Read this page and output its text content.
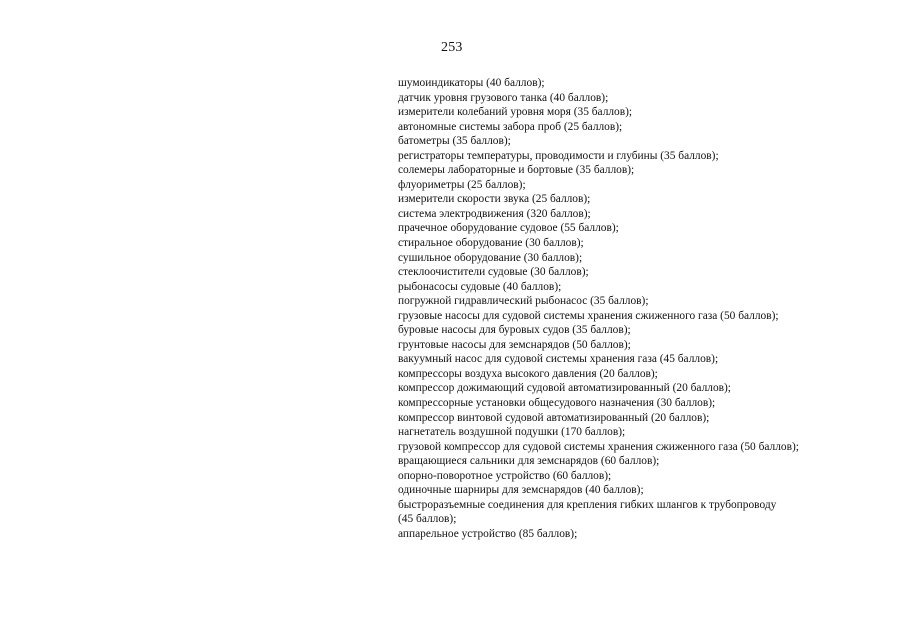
253
шумоиндикаторы (40 баллов);
датчик уровня грузового танка (40 баллов);
измерители колебаний уровня моря (35 баллов);
автономные системы забора проб (25 баллов);
батометры (35 баллов);
регистраторы температуры, проводимости и глубины (35 баллов);
солемеры лабораторные и бортовые (35 баллов);
флуориметры (25 баллов);
измерители скорости звука (25 баллов);
система электродвижения (320 баллов);
прачечное оборудование судовое (55 баллов);
стиральное оборудование (30 баллов);
сушильное оборудование (30 баллов);
стеклоочистители судовые (30 баллов);
рыбонасосы судовые (40 баллов);
погружной гидравлический рыбонасос (35 баллов);
грузовые насосы для судовой системы хранения сжиженного газа (50 баллов);
буровые насосы для буровых судов (35 баллов);
грунтовые насосы для земснарядов (50 баллов);
вакуумный насос для судовой системы хранения газа (45 баллов);
компрессоры воздуха высокого давления (20 баллов);
компрессор дожимающий судовой автоматизированный (20 баллов);
компрессорные установки общесудового назначения (30 баллов);
компрессор винтовой судовой автоматизированный (20 баллов);
нагнетатель воздушной подушки (170 баллов);
грузовой компрессор для судовой системы хранения сжиженного газа (50 баллов);
вращающиеся сальники для земснарядов (60 баллов);
опорно-поворотное устройство (60 баллов);
одиночные шарниры для земснарядов (40 баллов);
быстроразъемные соединения для крепления гибких шлангов к трубопроводу
(45 баллов);
аппарельное устройство (85 баллов);
